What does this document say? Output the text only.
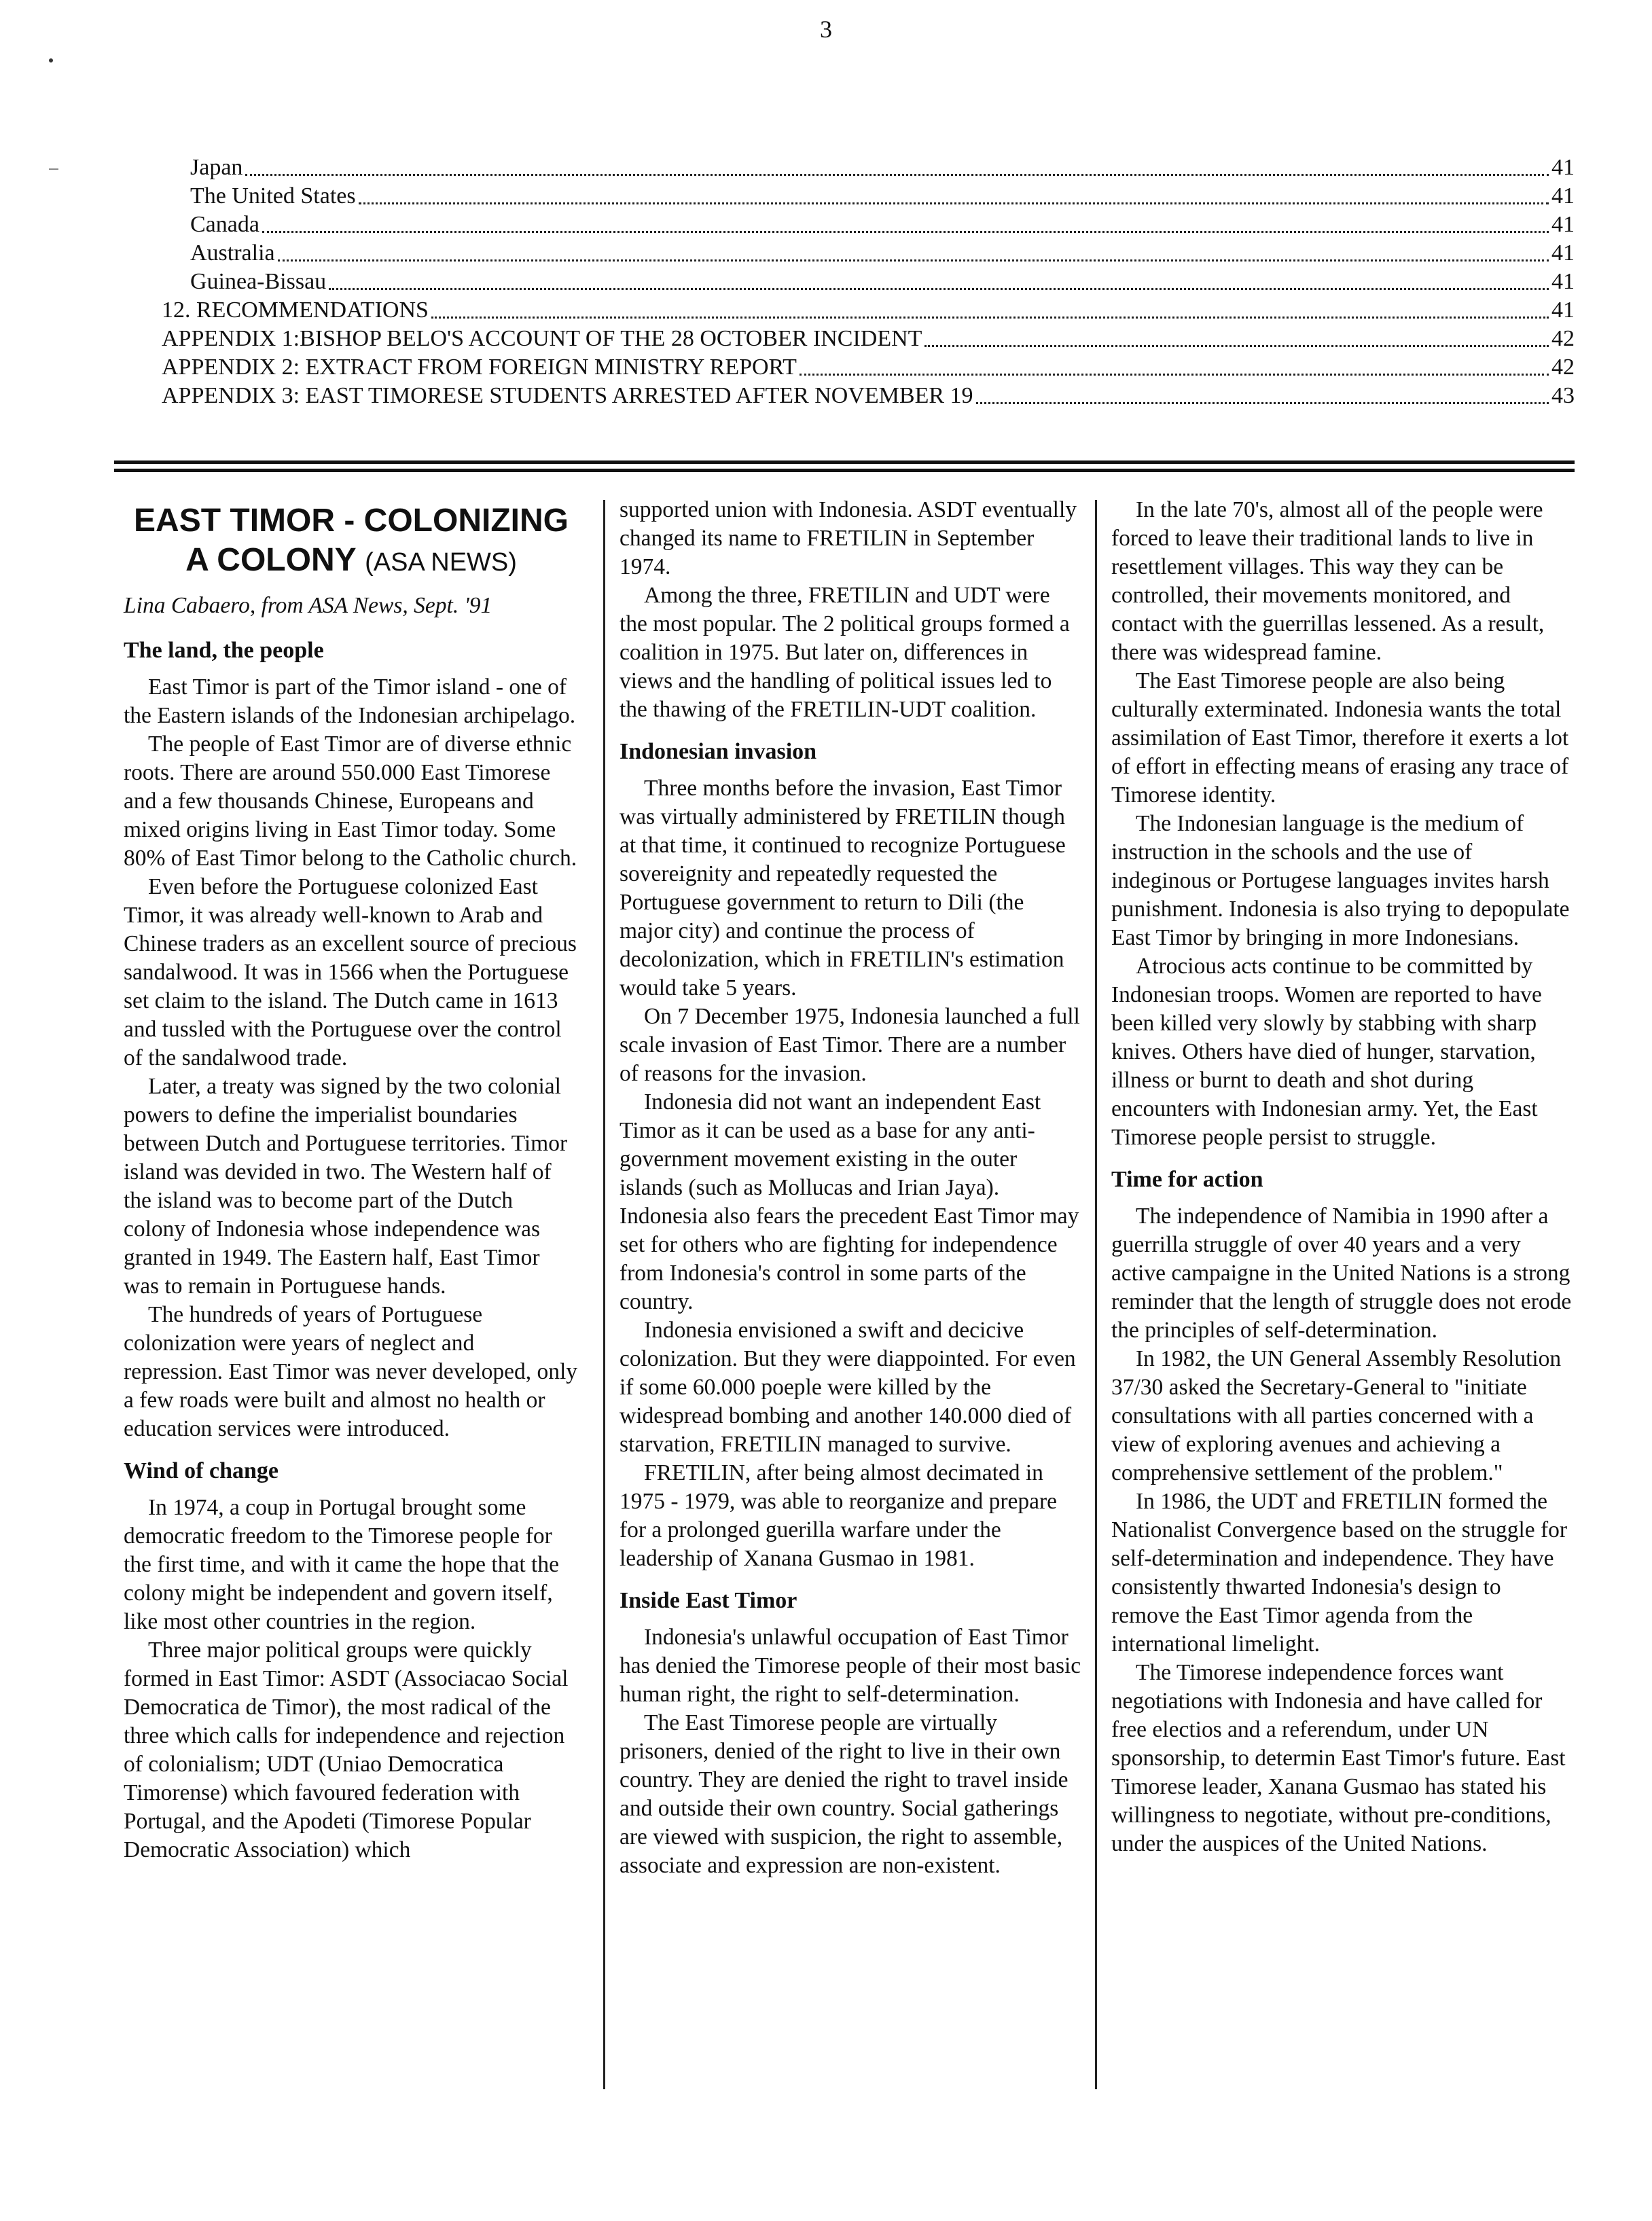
3
Japan	41
The United States	41
Canada	41
Australia	41
Guinea-Bissau	41
12. RECOMMENDATIONS	41
APPENDIX 1:BISHOP BELO'S ACCOUNT OF THE 28 OCTOBER INCIDENT	42
APPENDIX 2: EXTRACT FROM FOREIGN MINISTRY REPORT	42
APPENDIX 3: EAST TIMORESE STUDENTS ARRESTED AFTER NOVEMBER 19	43
EAST TIMOR - COLONIZING A COLONY (ASA NEWS)
Lina Cabaero, from ASA News, Sept. '91
The land, the people

East Timor is part of the Timor island - one of the Eastern islands of the Indonesian archipelago.

The people of East Timor are of diverse ethnic roots. There are around 550.000 East Timorese and a few thousands Chinese, Europeans and mixed origins living in East Timor today. Some 80% of East Timor belong to the Catholic church.

Even before the Portuguese colonized East Timor, it was already well-known to Arab and Chinese traders as an excellent source of precious sandalwood. It was in 1566 when the Portuguese set claim to the island. The Dutch came in 1613 and tussled with the Portuguese over the control of the sandalwood trade.

Later, a treaty was signed by the two colonial powers to define the imperialist boundaries between Dutch and Portuguese territories. Timor island was devided in two. The Western half of the island was to become part of the Dutch colony of Indonesia whose independence was granted in 1949. The Eastern half, East Timor was to remain in Portuguese hands.

The hundreds of years of Portuguese colonization were years of neglect and repression. East Timor was never developed, only a few roads were built and almost no health or education services were introduced.

Wind of change

In 1974, a coup in Portugal brought some democratic freedom to the Timorese people for the first time, and with it came the hope that the colony might be independent and govern itself, like most other countries in the region.

Three major political groups were quickly formed in East Timor: ASDT (Associacao Social Democratica de Timor), the most radical of the three which calls for independence and rejection of colonialism; UDT (Uniao Democratica Timorense) which favoured federation with Portugal, and the Apodeti (Timorese Popular Democratic Association) which

supported union with Indonesia. ASDT eventually changed its name to FRETILIN in September 1974.

Among the three, FRETILIN and UDT were the most popular. The 2 political groups formed a coalition in 1975. But later on, differences in views and the handling of political issues led to the thawing of the FRETILIN-UDT coalition.

Indonesian invasion

Three months before the invasion, East Timor was virtually administered by FRETILIN though at that time, it continued to recognize Portuguese sovereignity and repeatedly requested the Portuguese government to return to Dili (the major city) and continue the process of decolonization, which in FRETILIN's estimation would take 5 years.

On 7 December 1975, Indonesia launched a full scale invasion of East Timor. There are a number of reasons for the invasion.

Indonesia did not want an independent East Timor as it can be used as a base for any anti-government movement existing in the outer islands (such as Mollucas and Irian Jaya). Indonesia also fears the precedent East Timor may set for others who are fighting for independence from Indonesia's control in some parts of the country.

Indonesia envisioned a swift and decicive colonization. But they were diappointed. For even if some 60.000 poeple were killed by the widespread bombing and another 140.000 died of starvation, FRETILIN managed to survive.

FRETILIN, after being almost decimated in 1975 - 1979, was able to reorganize and prepare for a prolonged guerilla warfare under the leadership of Xanana Gusmao in 1981.

Inside East Timor

Indonesia's unlawful occupation of East Timor has denied the Timorese people of their most basic human right, the right to self-determination.

The East Timorese people are virtually prisoners, denied of the right to live in their own country. They are denied the right to travel inside and outside their own country. Social gatherings are viewed with suspicion, the right to assemble, associate and expression are non-existent.

In the late 70's, almost all of the people were forced to leave their traditional lands to live in resettlement villages. This way they can be controlled, their movements monitored, and contact with the guerrillas lessened. As a result, there was widespread famine.

The East Timorese people are also being culturally exterminated. Indonesia wants the total assimilation of East Timor, therefore it exerts a lot of effort in effecting means of erasing any trace of Timorese identity.

The Indonesian language is the medium of instruction in the schools and the use of indeginous or Portugese languages invites harsh punishment. Indonesia is also trying to depopulate East Timor by bringing in more Indonesians.

Atrocious acts continue to be committed by Indonesian troops. Women are reported to have been killed very slowly by stabbing with sharp knives. Others have died of hunger, starvation, illness or burnt to death and shot during encounters with Indonesian army. Yet, the East Timorese people persist to struggle.

Time for action

The independence of Namibia in 1990 after a guerrilla struggle of over 40 years and a very active campaigne in the United Nations is a strong reminder that the length of struggle does not erode the principles of self-determination.

In 1982, the UN General Assembly Resolution 37/30 asked the Secretary-General to "initiate consultations with all parties concerned with a view of exploring avenues and achieving a comprehensive settlement of the problem."

In 1986, the UDT and FRETILIN formed the Nationalist Convergence based on the struggle for self-determination and independence. They have consistently thwarted Indonesia's design to remove the East Timor agenda from the international limelight.

The Timorese independence forces want negotiations with Indonesia and have called for free electios and a referendum, under UN sponsorship, to determin East Timor's future. East Timorese leader, Xanana Gusmao has stated his willingness to negotiate, without pre-conditions, under the auspices of the United Nations.
